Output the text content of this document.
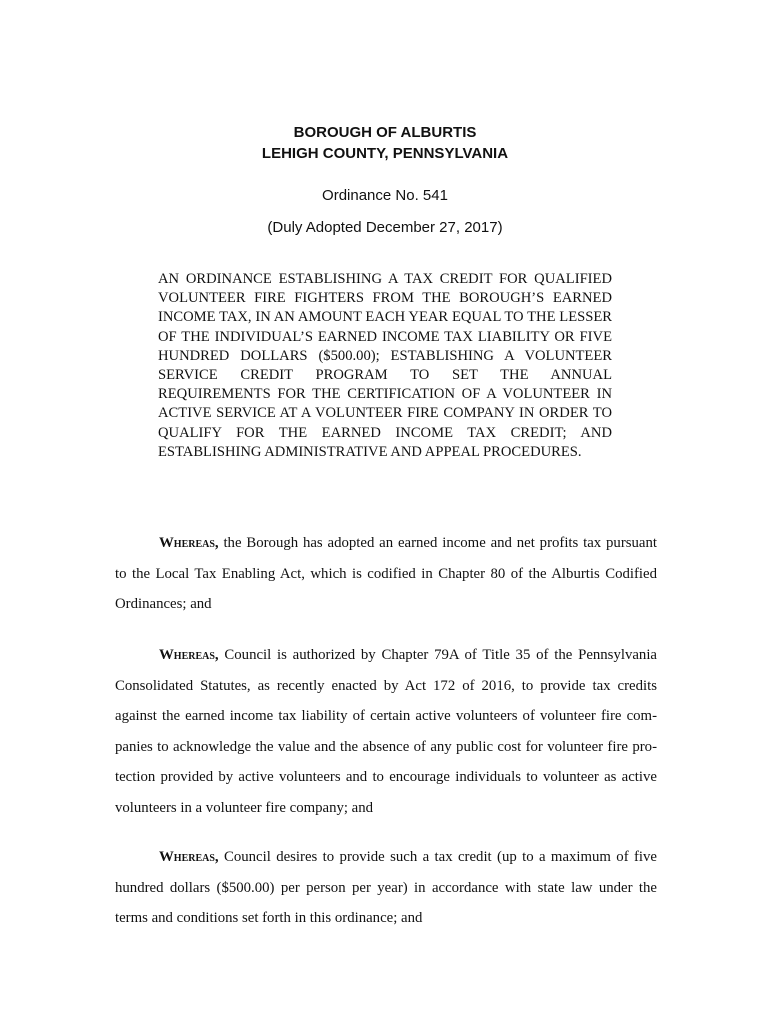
BOROUGH OF ALBURTIS
LEHIGH COUNTY, PENNSYLVANIA
Ordinance No. 541
(Duly Adopted December 27, 2017)

AN ORDINANCE ESTABLISHING A TAX CREDIT FOR QUALIFIED VOLUNTEER FIRE FIGHTERS FROM THE BOROUGH’S EARNED INCOME TAX, IN AN AMOUNT EACH YEAR EQUAL TO THE LESSER OF THE INDIVIDUAL’S EARNED INCOME TAX LIABILITY OR FIVE HUNDRED DOLLARS ($500.00); ESTABLISHING A VOLUNTEER SERVICE CREDIT PROGRAM TO SET THE ANNUAL REQUIREMENTS FOR THE CERTIFICATION OF A VOLUNTEER IN ACTIVE SERVICE AT A VOLUNTEER FIRE COMPANY IN ORDER TO QUALIFY FOR THE EARNED INCOME TAX CREDIT; AND ESTABLISHING ADMINISTRATIVE AND APPEAL PROCEDURES.

Whereas, the Borough has adopted an earned income and net profits tax pursuant to the Local Tax Enabling Act, which is codified in Chapter 80 of the Alburtis Codified Ordinances; and

Whereas, Council is authorized by Chapter 79A of Title 35 of the Pennsylvania Consolidated Statutes, as recently enacted by Act 172 of 2016, to provide tax credits against the earned income tax liability of certain active volunteers of volunteer fire companies to acknowledge the value and the absence of any public cost for volunteer fire protection provided by active volunteers and to encourage individuals to volunteer as active volunteers in a volunteer fire company; and

Whereas, Council desires to provide such a tax credit (up to a maximum of five hundred dollars ($500.00) per person per year) in accordance with state law under the terms and conditions set forth in this ordinance; and
